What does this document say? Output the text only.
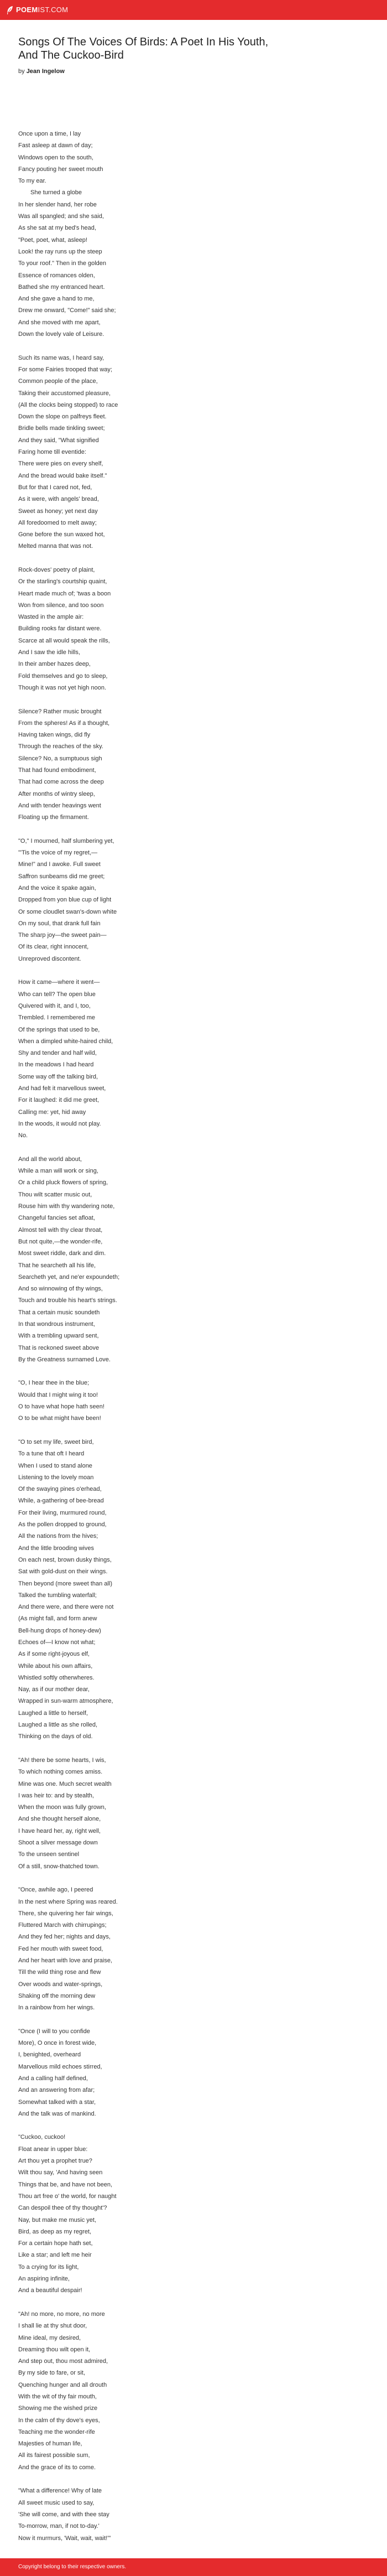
POEM IST.COM
Songs Of The Voices Of Birds: A Poet In His Youth, And The Cuckoo-Bird
by Jean Ingelow
Once upon a time, I lay
Fast asleep at dawn of day;
Windows open to the south,
Fancy pouting her sweet mouth
To my ear.
She turned a globe
In her slender hand, her robe
Was all spangled; and she said,
As she sat at my bed's head,
"Poet, poet, what, asleep!
Look! the ray runs up the steep
To your roof." Then in the golden
Essence of romances olden,
Bathed she my entranced heart.
And she gave a hand to me,
Drew me onward, "Come!" said she;
And she moved with me apart,
Down the lovely vale of Leisure.
Such its name was, I heard say,
For some Fairies trooped that way;
Common people of the place,
Taking their accustomed pleasure,
(All the clocks being stopped) to race
Down the slope on palfreys fleet.
Bridle bells made tinkling sweet;
And they said, "What signified
Faring home till eventide:
There were pies on every shelf,
And the bread would bake itself."
But for that I cared not, fed,
As it were, with angels' bread,
Sweet as honey; yet next day
All foredoomed to melt away;
Gone before the sun waxed hot,
Melted manna that was not.
Rock-doves' poetry of plaint,
Or the starling's courtship quaint,
Heart made much of; 'twas a boon
Won from silence, and too soon
Wasted in the ample air:
Building rooks far distant were.
Scarce at all would speak the rills,
And I saw the idle hills,
In their amber hazes deep,
Fold themselves and go to sleep,
Though it was not yet high noon.
Silence? Rather music brought
From the spheres! As if a thought,
Having taken wings, did fly
Through the reaches of the sky.
Silence? No, a sumptuous sigh
That had found embodiment,
That had come across the deep
After months of wintry sleep,
And with tender heavings went
Floating up the firmament.
"O," I mourned, half slumbering yet,
"'Tis the voice of my regret,—
Mine!" and I awoke. Full sweet
Saffron sunbeams did me greet;
And the voice it spake again,
Dropped from yon blue cup of light
Or some cloudlet swan's-down white
On my soul, that drank full fain
The sharp joy—the sweet pain—
Of its clear, right innocent,
Unreproved discontent.
How it came—where it went—
Who can tell? The open blue
Quivered with it, and I, too,
Trembled. I remembered me
Of the springs that used to be,
When a dimpled white-haired child,
Shy and tender and half wild,
In the meadows I had heard
Some way off the talking bird,
And had felt it marvellous sweet,
For it laughed: it did me greet,
Calling me: yet, hid away
In the woods, it would not play.
No.
And all the world about,
While a man will work or sing,
Or a child pluck flowers of spring,
Thou wilt scatter music out,
Rouse him with thy wandering note,
Changeful fancies set afloat,
Almost tell with thy clear throat,
But not quite,—the wonder-rife,
Most sweet riddle, dark and dim.
That he searcheth all his life,
Searcheth yet, and ne'er expoundeth;
And so winnowing of thy wings,
Touch and trouble his heart's strings.
That a certain music soundeth
In that wondrous instrument,
With a trembling upward sent,
That is reckoned sweet above
By the Greatness surnamed Love.
"O, I hear thee in the blue;
Would that I might wing it too!
O to have what hope hath seen!
O to be what might have been!
"O to set my life, sweet bird,
To a tune that oft I heard
When I used to stand alone
Listening to the lovely moan
Of the swaying pines o'erhead,
While, a-gathering of bee-bread
For their living, murmured round,
As the pollen dropped to ground,
All the nations from the hives;
And the little brooding wives
On each nest, brown dusky things,
Sat with gold-dust on their wings.
Then beyond (more sweet than all)
Talked the tumbling waterfall;
And there were, and there were not
(As might fall, and form anew
Bell-hung drops of honey-dew)
Echoes of—I know not what;
As if some right-joyous elf,
While about his own affairs,
Whistled softly otherwheres.
Nay, as if our mother dear,
Wrapped in sun-warm atmosphere,
Laughed a little to herself,
Laughed a little as she rolled,
Thinking on the days of old.
"Ah! there be some hearts, I wis,
To which nothing comes amiss.
Mine was one. Much secret wealth
I was heir to: and by stealth,
When the moon was fully grown,
And she thought herself alone,
I have heard her, ay, right well,
Shoot a silver message down
To the unseen sentinel
Of a still, snow-thatched town.
"Once, awhile ago, I peered
In the nest where Spring was reared.
There, she quivering her fair wings,
Fluttered March with chirrupings;
And they fed her; nights and days,
Fed her mouth with sweet food,
And her heart with love and praise,
Till the wild thing rose and flew
Over woods and water-springs,
Shaking off the morning dew
In a rainbow from her wings.
"Once (I will to you confide
More), O once in forest wide,
I, benighted, overheard
Marvellous mild echoes stirred,
And a calling half defined,
And an answering from afar;
Somewhat talked with a star,
And the talk was of mankind.
"Cuckoo, cuckoo!
Float anear in upper blue:
Art thou yet a prophet true?
Wilt thou say, 'And having seen
Things that be, and have not been,
Thou art free o' the world, for naught
Can despoil thee of thy thought'?
Nay, but make me music yet,
Bird, as deep as my regret,
For a certain hope hath set,
Like a star; and left me heir
To a crying for its light,
An aspiring infinite,
And a beautiful despair!
"Ah! no more, no more, no more
I shall lie at thy shut door,
Mine ideal, my desired,
Dreaming thou wilt open it,
And step out, thou most admired,
By my side to fare, or sit,
Quenching hunger and all drouth
With the wit of thy fair mouth,
Showing me the wished prize
In the calm of thy dove's eyes,
Teaching me the wonder-rife
Majesties of human life,
All its fairest possible sum,
And the grace of its to come.
"What a difference! Why of late
All sweet music used to say,
'She will come, and with thee stay
To-morrow, man, if not to-day.'
Now it murmurs, 'Wait, wait, wait!'"
Copyright belong to their respective owners.
